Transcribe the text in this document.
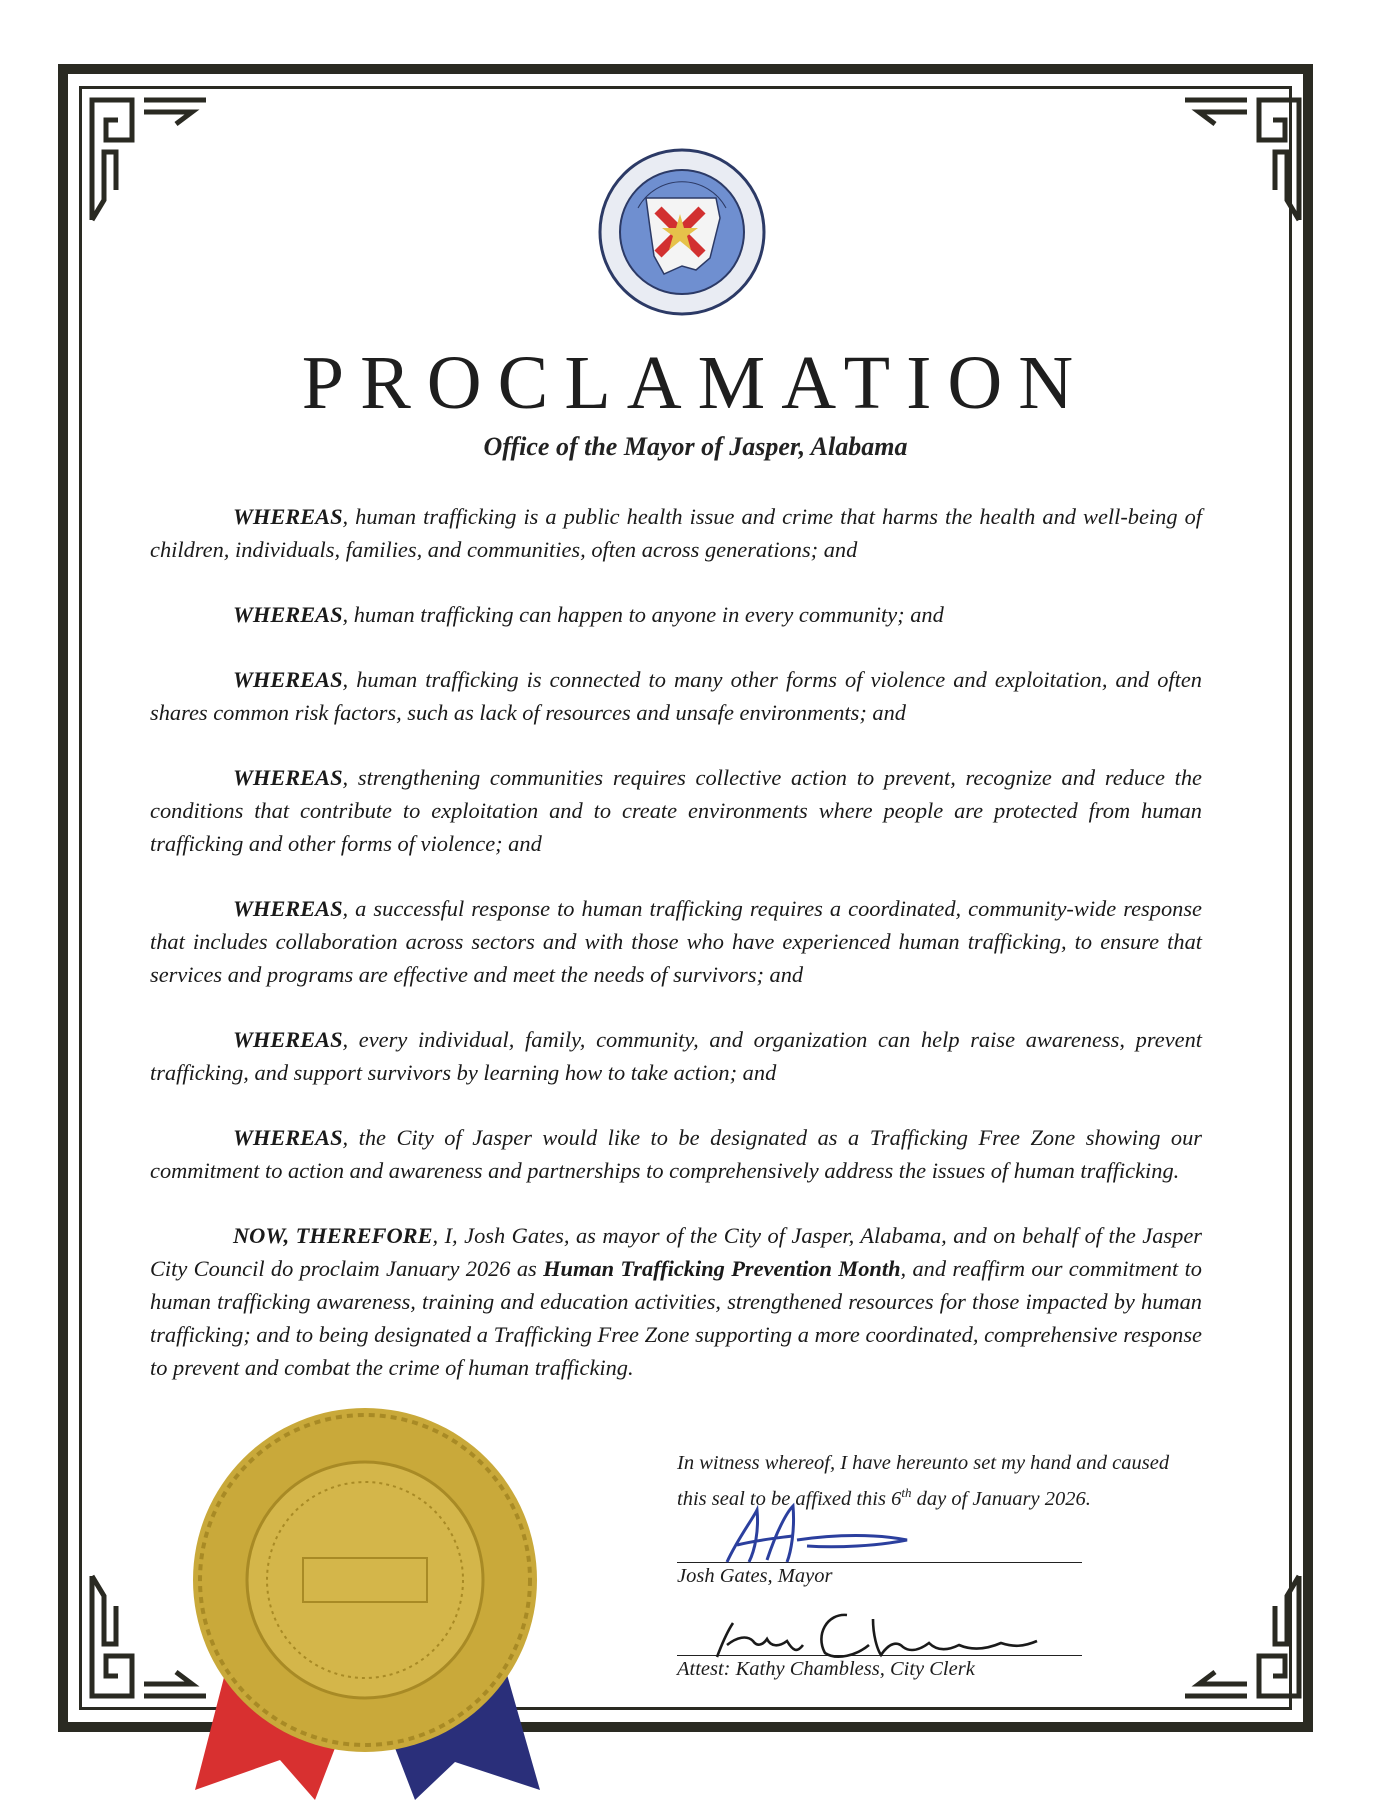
PROCLAMATION
Office of the Mayor of Jasper, Alabama

WHEREAS, human trafficking is a public health issue and crime that harms the health and well-being of children, individuals, families, and communities, often across generations; and

WHEREAS, human trafficking can happen to anyone in every community; and

WHEREAS, human trafficking is connected to many other forms of violence and exploitation, and often shares common risk factors, such as lack of resources and unsafe environments; and

WHEREAS, strengthening communities requires collective action to prevent, recognize and reduce the conditions that contribute to exploitation and to create environments where people are protected from human trafficking and other forms of violence; and

WHEREAS, a successful response to human trafficking requires a coordinated, community-wide response that includes collaboration across sectors and with those who have experienced human trafficking, to ensure that services and programs are effective and meet the needs of survivors; and

WHEREAS, every individual, family, community, and organization can help raise awareness, prevent trafficking, and support survivors by learning how to take action; and

WHEREAS, the City of Jasper would like to be designated as a Trafficking Free Zone showing our commitment to action and awareness and partnerships to comprehensively address the issues of human trafficking.

NOW, THEREFORE, I, Josh Gates, as mayor of the City of Jasper, Alabama, and on behalf of the Jasper City Council do proclaim January 2026 as Human Trafficking Prevention Month, and reaffirm our commitment to human trafficking awareness, training and education activities, strengthened resources for those impacted by human trafficking; and to being designated a Trafficking Free Zone supporting a more coordinated, comprehensive response to prevent and combat the crime of human trafficking.

In witness whereof, I have hereunto set my hand and caused
this seal to be affixed this 6th day of January 2026.
Josh Gates, Mayor
Attest: Kathy Chambless, City Clerk
